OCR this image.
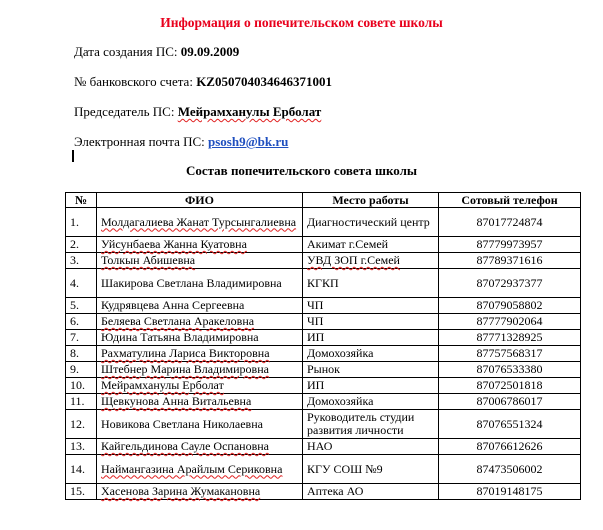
Информация о попечительском совете школы
Дата создания ПС: 09.09.2009
№ банковского счета: KZ050704034646371001
Председатель ПС: Мейрамханулы Ерболат
Электронная почта ПС: psosh9@bk.ru
Состав попечительского совета школы
№	ФИО	Место работы	Сотовый телефон
1.	Молдагалиева Жанат Турсынгалиевна	Диагностический центр	87017724874
2.	Уйсунбаева Жанна Куатовна	Акимат г.Семей	87779973957
3.	Толкын Абишевна	УВД ЗОП г.Семей	87789371616
4.	Шакирова Светлана Владимировна	КГКП	87072937377
5.	Кудрявцева Анна Сергеевна	ЧП	87079058802
6.	Беляева Светлана Аракеловна	ЧП	87777902064
7.	Юдина Татьяна Владимировна	ИП	87771328925
8.	Рахматулина Лариса Викторовна	Домохозяйка	87757568317
9.	Штебнер Марина Владимировна	Рынок	87076533380
10.	Мейрамханулы Ерболат	ИП	87072501818
11.	Щевкунова Анна Витальевна	Домохозяйка	87006786017
12.	Новикова Светлана Николаевна	Руководитель студии развития личности	87076551324
13.	Кайгельдинова Сауле Оспановна	НАО	87076612626
14.	Наймангазина Арайлым Сериковна	КГУ СОШ №9	87473506002
15.	Хасенова Зарина Жумакановна	Аптека АО	87019148175
